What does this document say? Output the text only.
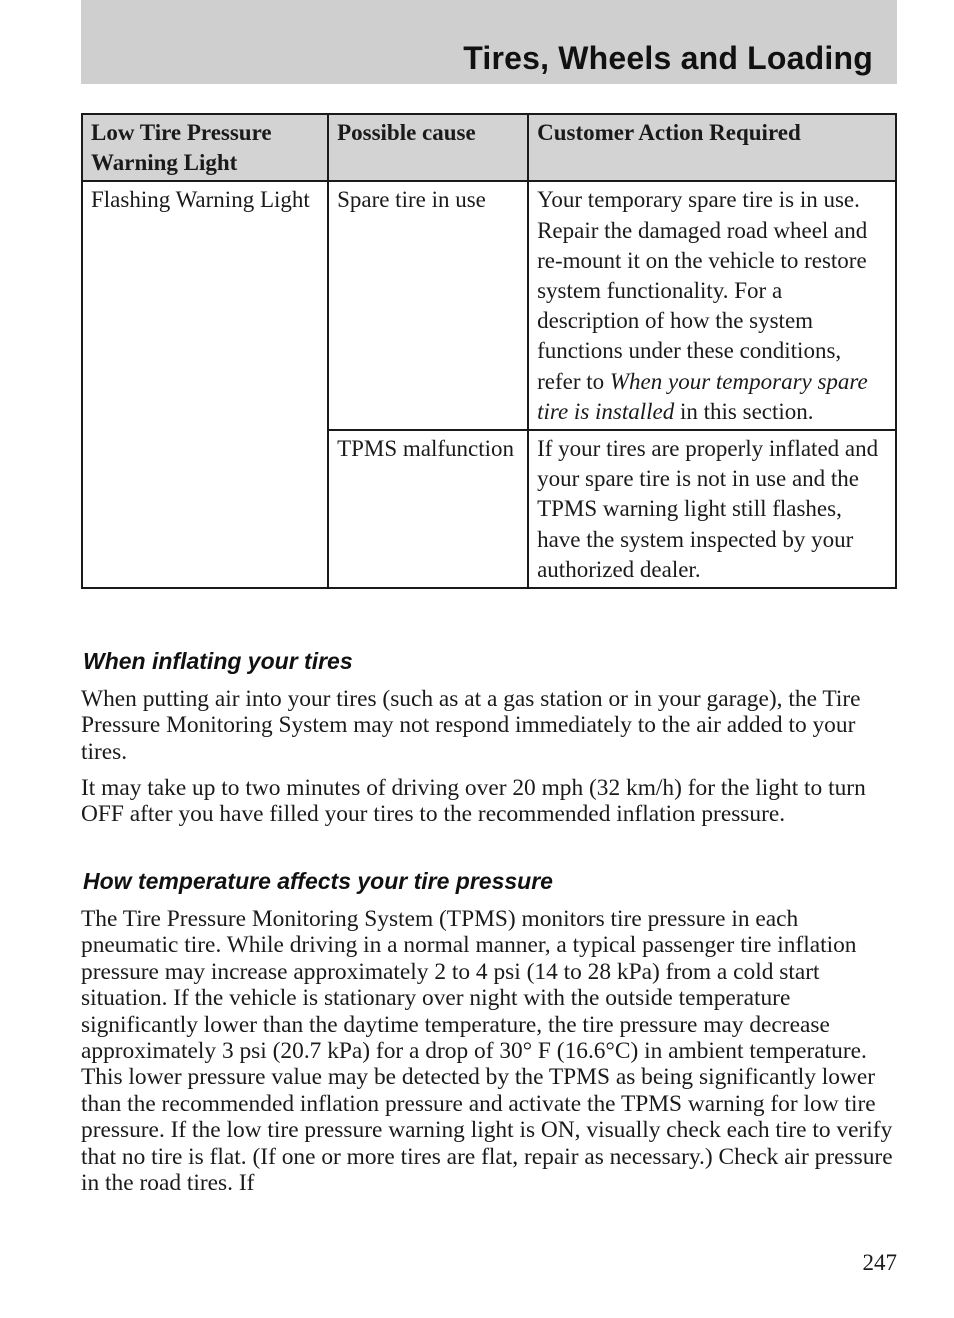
Tires, Wheels and Loading
Low Tire Pressure Warning Light	Possible cause	Customer Action Required
Flashing Warning Light	Spare tire in use	Your temporary spare tire is in use. Repair the damaged road wheel and re-mount it on the vehicle to restore system functionality. For a description of how the system functions under these conditions, refer to When your temporary spare tire is installed in this section.
	TPMS malfunction	If your tires are properly inflated and your spare tire is not in use and the TPMS warning light still flashes, have the system inspected by your authorized dealer.
When inflating your tires

When putting air into your tires (such as at a gas station or in your garage), the Tire Pressure Monitoring System may not respond immediately to the air added to your tires.

It may take up to two minutes of driving over 20 mph (32 km/h) for the light to turn OFF after you have filled your tires to the recommended inflation pressure.

How temperature affects your tire pressure

The Tire Pressure Monitoring System (TPMS) monitors tire pressure in each pneumatic tire. While driving in a normal manner, a typical passenger tire inflation pressure may increase approximately 2 to 4 psi (14 to 28 kPa) from a cold start situation. If the vehicle is stationary over night with the outside temperature significantly lower than the daytime temperature, the tire pressure may decrease approximately 3 psi (20.7 kPa) for a drop of 30° F (16.6°C) in ambient temperature. This lower pressure value may be detected by the TPMS as being significantly lower than the recommended inflation pressure and activate the TPMS warning for low tire pressure. If the low tire pressure warning light is ON, visually check each tire to verify that no tire is flat. (If one or more tires are flat, repair as necessary.) Check air pressure in the road tires. If

247
